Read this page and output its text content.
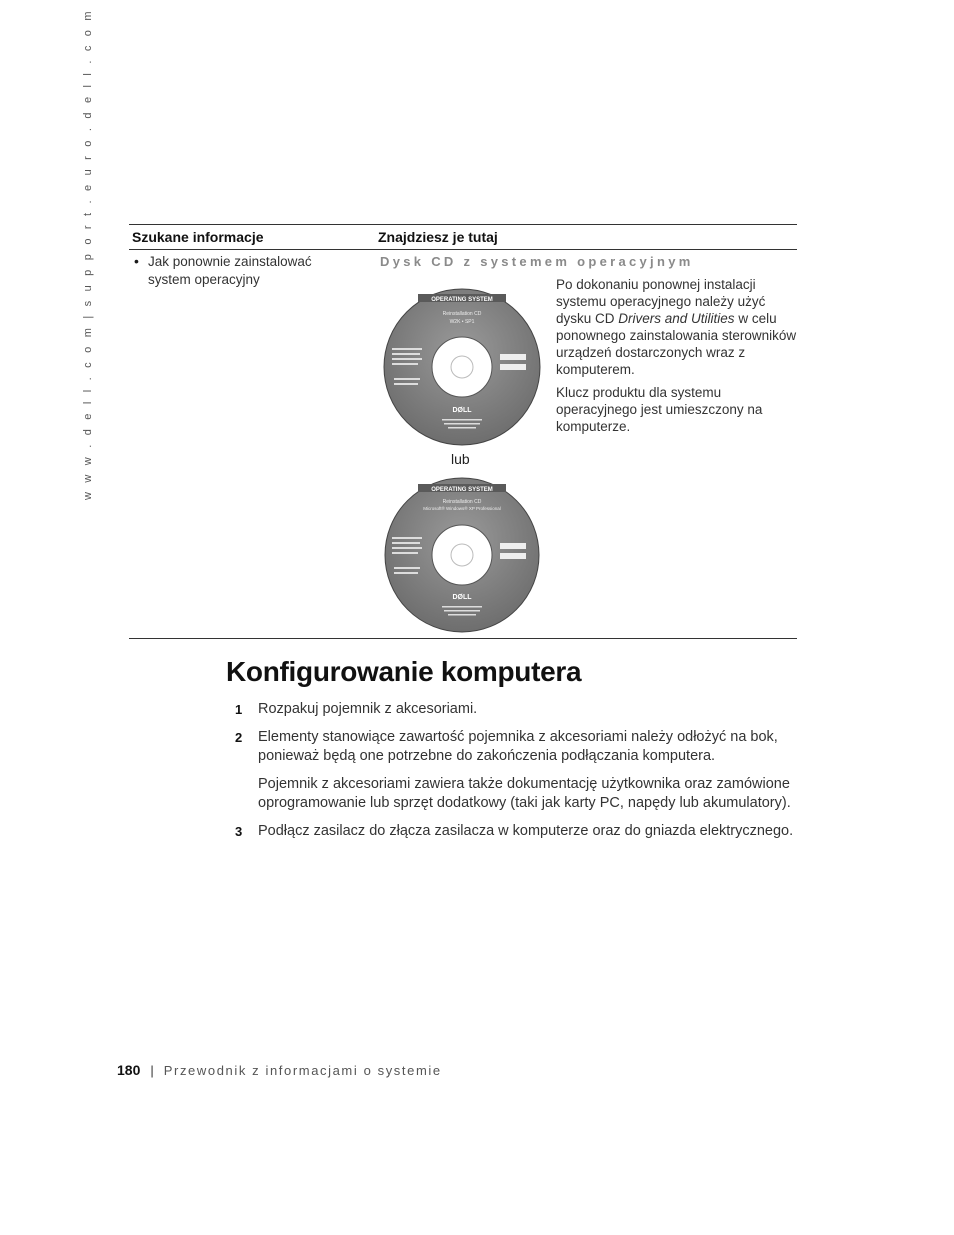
w w w . d e l l . c o m | s u p p o r t . e u r o . d e l l . c o m	Szukane informacje	Znajdziesz je tutaj
• Jak ponownie zainstalować system operacyjny
Dysk CD z systemem operacyjnym
OPERATING SYSTEM
Reinstallation CD
W2K • SP1
DØLL
lub
OPERATING SYSTEM
Reinstallation CD
Microsoft® Windows® XP Professional
DØLL

Po dokonaniu ponownej instalacji systemu operacyjnego należy użyć dysku CD Drivers and Utilities w celu ponownego zainstalowania sterowników urządzeń dostarczonych wraz z komputerem.

Klucz produktu dla systemu operacyjnego jest umieszczony na komputerze.

Konfigurowanie komputera
1 Rozpakuj pojemnik z akcesoriami.

2 Elementy stanowiące zawartość pojemnika z akcesoriami należy odłożyć na bok, ponieważ będą one potrzebne do zakończenia podłączania komputera.

Pojemnik z akcesoriami zawiera także dokumentację użytkownika oraz zamówione oprogramowanie lub sprzęt dodatkowy (taki jak karty PC, napędy lub akumulatory).

3 Podłącz zasilacz do złącza zasilacza w komputerze oraz do gniazda elektrycznego.

180 | Przewodnik z informacjami o systemie
